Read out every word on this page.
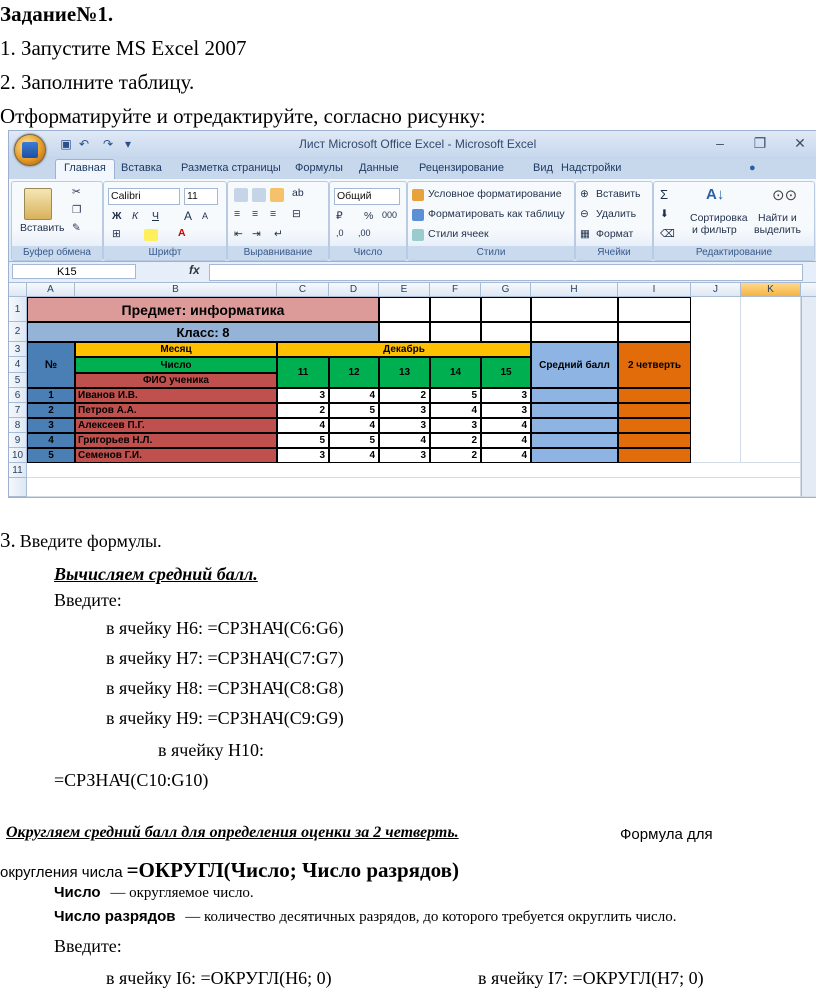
Задание№1.
1. Запустите MS Excel 2007
2. Заполните таблицу.
Отформатируйте и отредактируйте, согласно рисунку:
▣ ↶ ↷ ▾	Лист Microsoft Office Excel - Microsoft Excel	–	❐	✕
Главная	Вставка Разметка страницы Формулы Данные Рецензирование	Вид Надстройки	●
Вставить
✂
❐
✎
Буфер обмена
Calibri	11
Ж К Ч A A
⊞	A
Шрифт
ab
≡ ≡ ≡ ⊟
⇤ ⇥ ↵
Выравнивание
Общий
₽ % 000
,0 ,00
Число
Условное форматирование
Форматировать как таблицу
Стили ячеек
Стили
⊕ Вставить
⊖ Удалить
▦ Формат
Ячейки
Σ
⬇
⌫
A↓
Сортировка
и фильтр
⊙⊙
Найти и
выделить
Редактирование
K15	fx
A	B	C	D	E	F	G	H	I	J	K
1
2
3
4
5
6
7
8
9
10
11
Предмет: информатика
Класс: 8
№
Месяц
Число
ФИО ученика
Декабрь
11	12	13	14	15
Средний балл	2 четверть
1	Иванов И.В.	3	4	2	5	3
2	Петров А.А.	2	5	3	4	3
3	Алексеев П.Г.	4	4	3	3	4
4	Григорьев Н.Л.	5	5	4	2	4
5	Семенов Г.И.	3	4	3	2	4
3. Введите формулы.
Вычисляем средний балл.
Введите:
в ячейку H6: =СРЗНАЧ(C6:G6)
в ячейку H7: =СРЗНАЧ(C7:G7)
в ячейку H8: =СРЗНАЧ(C8:G8)
в ячейку H9: =СРЗНАЧ(C9:G9)
в ячейку H10:
=СРЗНАЧ(C10:G10)
Округляем средний балл для определения оценки за 2 четверть.	Формула для
округления числа =ОКРУГЛ(Число; Число разрядов)
Число — округляемое число.
Число разрядов — количество десятичных разрядов, до которого требуется округлить число.
Введите:
в ячейку I6: =ОКРУГЛ(H6; 0)	в ячейку I7: =ОКРУГЛ(H7; 0)
